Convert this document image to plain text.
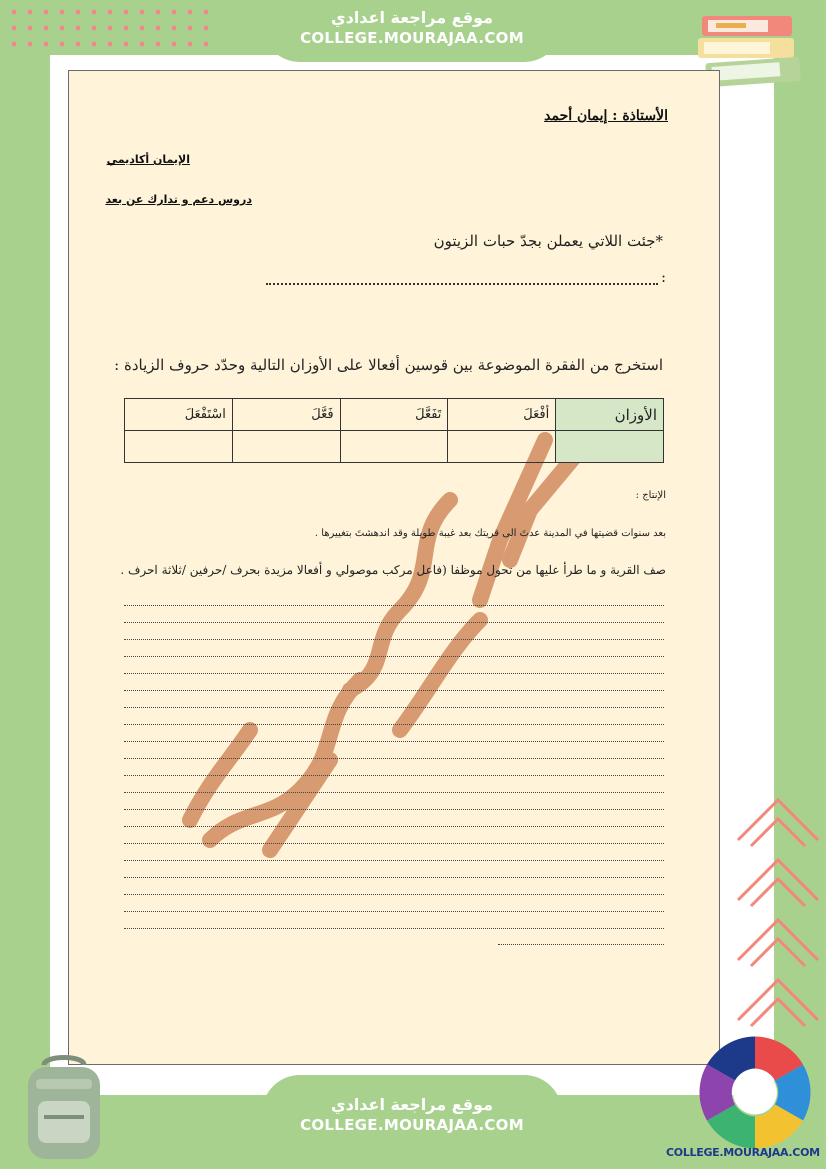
موقع مراجعة اعدادي
COLLEGE.MOURAJAA.COM
الأستاذة : إيمان أحمد
الإيمان أكاديمي
دروس دعم و تدارك عن بعد
*جئت اللاتي يعملن بجدّ حبات الزيتون
:
استخرج من الفقرة الموضوعة بين قوسين أفعالا على الأوزان التالية وحدّد حروف الزيادة :
الأوزان	أفْعَلَ	تَفَعَّلَ	فَعَّلَ	اسْتَفْعَلَ

الإنتاج :
بعد سنوات قضيتها في المدينة عدتَ الى قريتك بعد غيبة طويلة وقد اندهشتَ بتغييرها .
صف القرية و ما طرأ عليها من تحول موظفا (فاعل مركب موصولي و أفعالا مزيدة بحرف /حرفين /ثلاثة احرف .
موقع مراجعة اعدادي
COLLEGE.MOURAJAA.COM
COLLEGE.MOURAJAA.COM
